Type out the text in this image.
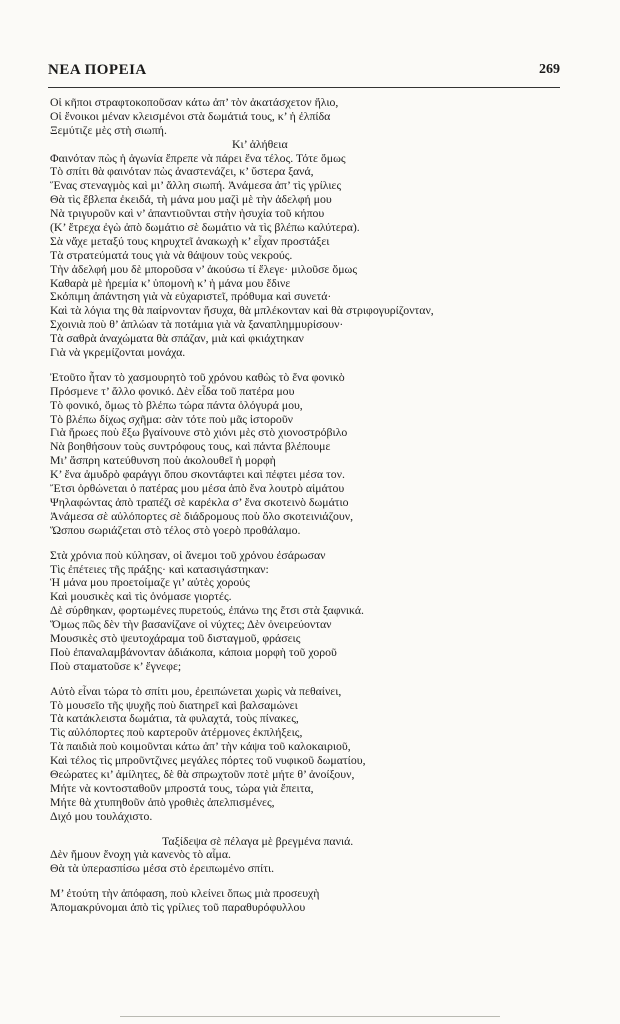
ΝΕΑ ΠΟΡΕΙΑ	269
Οἱ κῆποι στραφτοκοποῦσαν κάτω ἀπ’ τὸν ἀκατάσχετον ἥλιο,
Οἱ ἔνοικοι μέναν κλεισμένοι στὰ δωμάτιά τους, κ’ ἡ ἐλπίδα
Ξεμύτιζε μὲς στὴ σιωπή.
Κι’ ἀλήθεια
Φαινόταν πὼς ἡ ἀγωνία ἔπρεπε νὰ πάρει ἕνα τέλος. Τότε ὅμως
Τὸ σπίτι θὰ φαινόταν πὼς ἀναστενάζει, κ’ ὕστερα ξανά,
Ἕνας στεναγμὸς καὶ μι’ ἄλλη σιωπή. Ἀνάμεσα ἀπ’ τὶς γρίλιες
Θὰ τὶς ἔβλεπα ἐκειδά, τὴ μάνα μου μαζὶ μὲ τὴν ἀδελφή μου
Νὰ τριγυροῦν καὶ ν’ ἀπαντιοῦνται στὴν ἡσυχία τοῦ κήπου
(Κ’ ἔτρεχα ἐγὼ ἀπὸ δωμάτιο σὲ δωμάτιο νὰ τὶς βλέπω καλύτερα).
Σὰ νἄχε μεταξύ τους κηρυχτεῖ ἀνακωχὴ κ’ εἶχαν προστάξει
Τὰ στρατεύματά τους γιὰ νὰ θάψουν τοὺς νεκρούς.
Τὴν ἀδελφή μου δὲ μποροῦσα ν’ ἀκούσω τί ἔλεγε· μιλοῦσε ὅμως
Καθαρὰ μὲ ἠρεμία κ’ ὑπομονὴ κ’ ἡ μάνα μου ἔδινε
Σκόπιμη ἀπάντηση γιὰ νὰ εὐχαριστεῖ, πρόθυμα καὶ συνετά·
Καὶ τὰ λόγια της θὰ παίρνονταν ἥσυχα, θὰ μπλέκονταν καὶ θὰ στριφογυρίζονταν,
Σχοινιὰ ποὺ θ’ ἁπλώαν τὰ ποτάμια γιὰ νὰ ξαναπλημμυρίσουν·
Τὰ σαθρὰ ἀναχώματα θὰ σπάζαν, μιὰ καὶ φκιάχτηκαν
Γιὰ νὰ γκρεμίζονται μονάχα.
Ἐτοῦτο ἦταν τὸ χασμουρητὸ τοῦ χρόνου καθὼς τὸ ἕνα φονικὸ
Πρόσμενε τ’ ἄλλο φονικό. Δὲν εἶδα τοῦ πατέρα μου
Τὸ φονικό, ὅμως τὸ βλέπω τώρα πάντα ὁλόγυρά μου,
Τὸ βλέπω δίχως σχῆμα: σὰν τότε ποὺ μᾶς ἱστοροῦν
Γιὰ ἥρωες ποὺ ἔξω βγαίνουνε στὸ χιόνι μὲς στὸ χιονοστρόβιλο
Νὰ βοηθήσουν τοὺς συντρόφους τους, καὶ πάντα βλέπουμε
Μι’ ἄσπρη κατεύθυνση ποὺ ἀκολουθεῖ ἡ μορφὴ
Κ’ ἕνα ἀμυδρὸ φαράγγι ὅπου σκοντάφτει καὶ πέφτει μέσα τον.
Ἔτσι ὀρθώνεται ὁ πατέρας μου μέσα ἀπὸ ἕνα λουτρὸ αἱμάτου
Ψηλαφώντας ἀπὸ τραπέζι σὲ καρέκλα σ’ ἕνα σκοτεινὸ δωμάτιο
Ἀνάμεσα σὲ αὐλόπορτες σὲ διάδρομους ποὺ ὅλο σκοτεινιάζουν,
Ὥσπου σωριάζεται στὸ τέλος στὸ γοερὸ προθάλαμο.
Στὰ χρόνια ποὺ κύλησαν, οἱ ἄνεμοι τοῦ χρόνου ἐσάρωσαν
Τὶς ἐπέτειες τῆς πράξης· καὶ κατασιγάστηκαν:
Ἡ μάνα μου προετοίμαζε γι’ αὐτὲς χορούς
Καὶ μουσικὲς καὶ τὶς ὀνόμασε γιορτές.
Δὲ σύρθηκαν, φορτωμένες πυρετούς, ἐπάνω της ἔτσι στὰ ξαφνικά.
Ὅμως πῶς δὲν τὴν βασανίζανε οἱ νύχτες; Δὲν ὀνειρεύονταν
Μουσικὲς στὸ ψευτοχάραμα τοῦ δισταγμοῦ, φράσεις
Ποὺ ἐπαναλαμβάνονταν ἀδιάκοπα, κάποια μορφὴ τοῦ χοροῦ
Ποὺ σταματοῦσε κ’ ἔγνεφε;
Αὐτὸ εἶναι τώρα τὸ σπίτι μου, ἐρειπώνεται χωρὶς νὰ πεθαίνει,
Τὸ μουσεῖο τῆς ψυχῆς ποὺ διατηρεῖ καὶ βαλσαμώνει
Τὰ κατάκλειστα δωμάτια, τὰ φυλαχτά, τοὺς πίνακες,
Τὶς αὐλόπορτες ποὺ καρτεροῦν ἀτέρμονες ἐκπλήξεις,
Τὰ παιδιὰ ποὺ κοιμοῦνται κάτω ἀπ’ τὴν κάψα τοῦ καλοκαιριοῦ,
Καὶ τέλος τὶς μπροῦντζινες μεγάλες πόρτες τοῦ νυφικοῦ δωματίου,
Θεώρατες κι’ ἀμίλητες, δὲ θὰ σπρωχτοῦν ποτὲ μήτε θ’ ἀνοίξουν,
Μήτε νὰ κοντοσταθοῦν μπροστά τους, τώρα γιὰ ἔπειτα,
Μήτε θὰ χτυπηθοῦν ἀπὸ γροθιὲς ἀπελπισμένες,
Διχό μου τουλάχιστο.
Ταξίδεψα σὲ πέλαγα μὲ βρεγμένα πανιά.
Δὲν ἤμουν ἔνοχη γιὰ κανενὸς τὸ αἷμα.
Θὰ τὰ ὑπερασπίσω μέσα στὸ ἐρειπωμένο σπίτι.
Μ’ ἐτούτη τὴν ἀπόφαση, ποὺ κλείνει ὅπως μιὰ προσευχὴ
Ἀπομακρύνομαι ἀπὸ τὶς γρίλιες τοῦ παραθυρόφυλλου
